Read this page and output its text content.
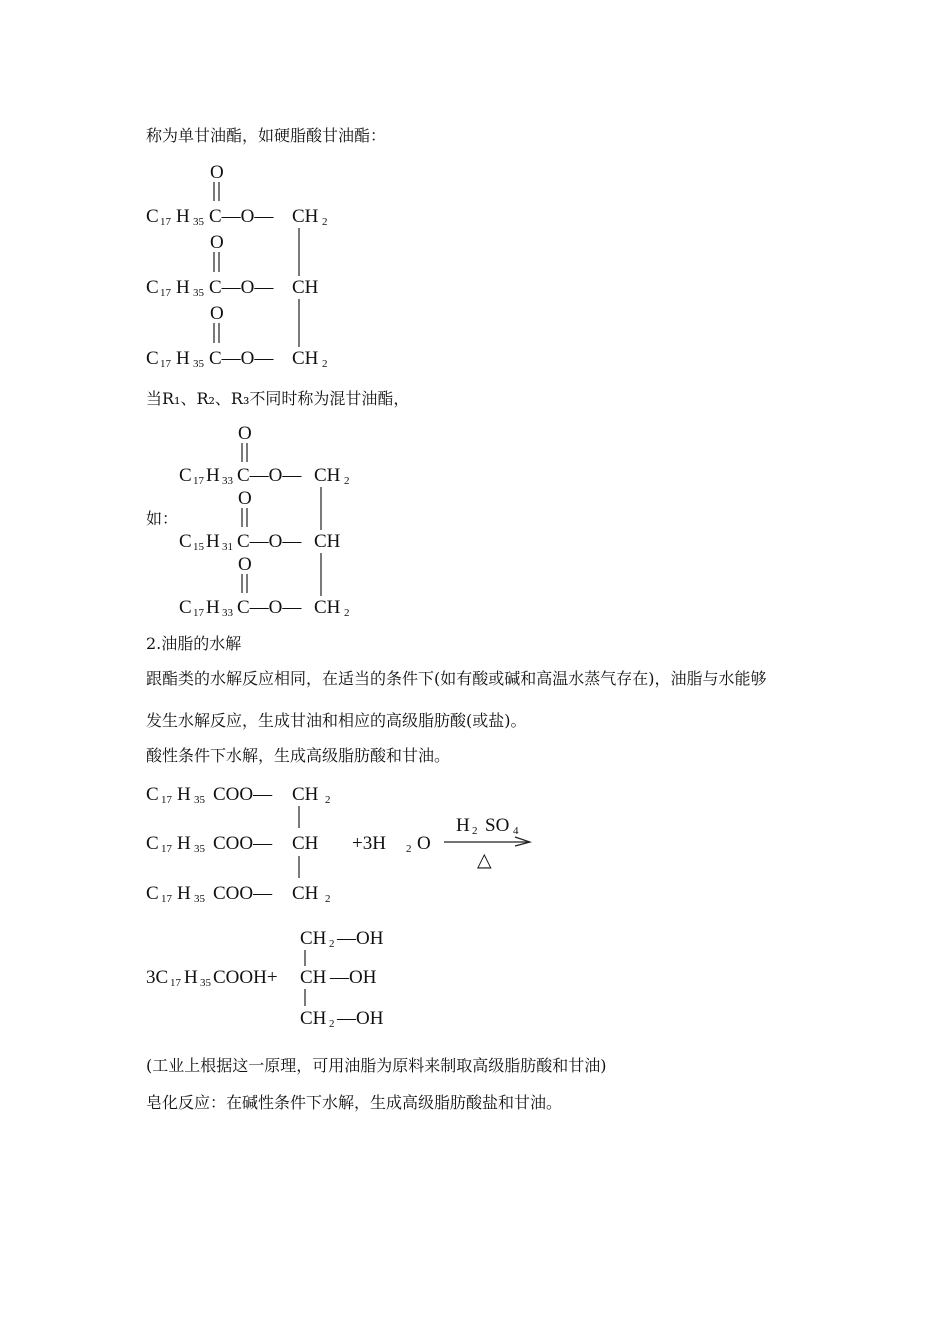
称为单甘油酯，如硬脂酸甘油酯：
O
C 17 H 35 C—O— CH 2
O
C 17 H 35 C—O— CH
O
C 17 H 35 C—O— CH 2
当R₁、R₂、R₃不同时称为混甘油酯，
如：
O
C 17 H 33 C—O— CH 2
O
C 15 H 31 C—O— CH
O
C 17 H 33 C—O— CH 2
2.油脂的水解
跟酯类的水解反应相同，在适当的条件下(如有酸或碱和高温水蒸气存在)，油脂与水能够
发生水解反应，生成甘油和相应的高级脂肪酸(或盐)。
酸性条件下水解，生成高级脂肪酸和甘油。
C 17 H 35 COO— CH 2
C 17 H 35 COO— CH
C 17 H 35 COO— CH 2
+3H 2 O
H 2 SO 4
△
3C 17 H 35 COOH+
CH 2 —OH
CH —OH
CH 2 —OH
(工业上根据这一原理，可用油脂为原料来制取高级脂肪酸和甘油)
皂化反应：在碱性条件下水解，生成高级脂肪酸盐和甘油。
